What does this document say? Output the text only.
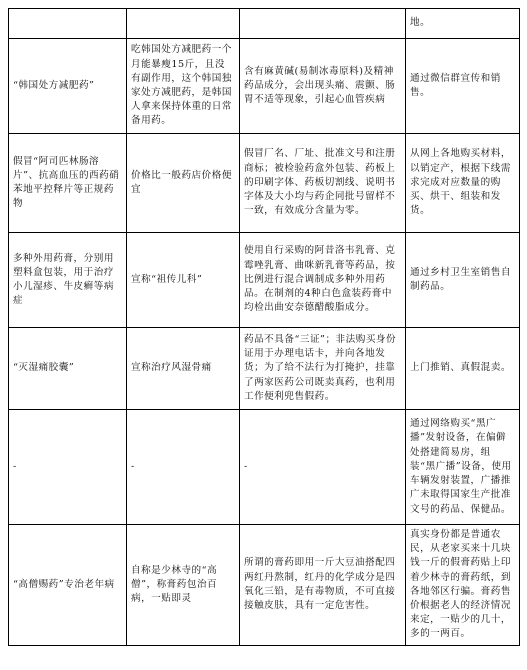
			地。
“韩国处方减肥药”	吃韩国处方减肥药一个月能暴瘦15斤，且没有副作用，这个韩国独家处方减肥药，是韩国人拿来保持体重的日常备用药。	含有麻黄碱(易制冰毒原料)及精神药品成分，会出现头痛、震颤、肠胃不适等现象，引起心血管疾病	通过微信群宣传和销售。
假冒“阿司匹林肠溶片”、抗高血压的西药硝苯地平控释片等正规药物	价格比一般药店价格便宜	假冒厂名、厂址、批准文号和注册商标；被检验药盒外包装、药板上的印刷字体、药板切割线、说明书字体及大小均与药企同批号留样不一致，有效成分含量为零。	从网上各地购买材料，以销定产，根据下线需求完成对应数量的购买、烘干、组装和发货。
多种外用药膏，分别用塑料盒包装，用于治疗小儿湿疹、牛皮癣等病症	宣称“祖传儿科”	使用自行采购的阿昔洛韦乳膏、克霉唑乳膏、曲咪新乳膏等药品，按比例进行混合调制成多种外用药品。在制剂的4种白色盒装药膏中均检出曲安奈德醋酸脂成分。	通过乡村卫生室销售自制药品。
“灭湿痛胶囊”	宣称治疗风湿骨痛	药品不具备“三证”；非法购买身份证用于办理电话卡，并向各地发货；为了给不法行为打掩护，挂靠了两家医药公司既卖真药，也利用工作便利兜售假药。	上门推销、真假混卖。
-	-	-	通过网络购买“黑广播”发射设备，在偏僻处搭建简易房，组装“黑广播”设备，使用车辆发射装置，广播推广未取得国家生产批准文号的药品、保健品。
“高僧赐药”专治老年病	自称是少林寺的“高僧”，称膏药包治百病，一贴即灵	所谓的膏药即用一斤大豆油搭配四两红丹熬制，红丹的化学成分是四氧化三铅，是有毒物质，不可直接接触皮肤，具有一定危害性。	真实身份都是普通农民，从老家买来十几块钱一斤的假膏药贴上印着少林寺的膏药纸，到各地邻区行骗。膏药售价根据老人的经济情况来定，一贴少的几十，多的一两百。
